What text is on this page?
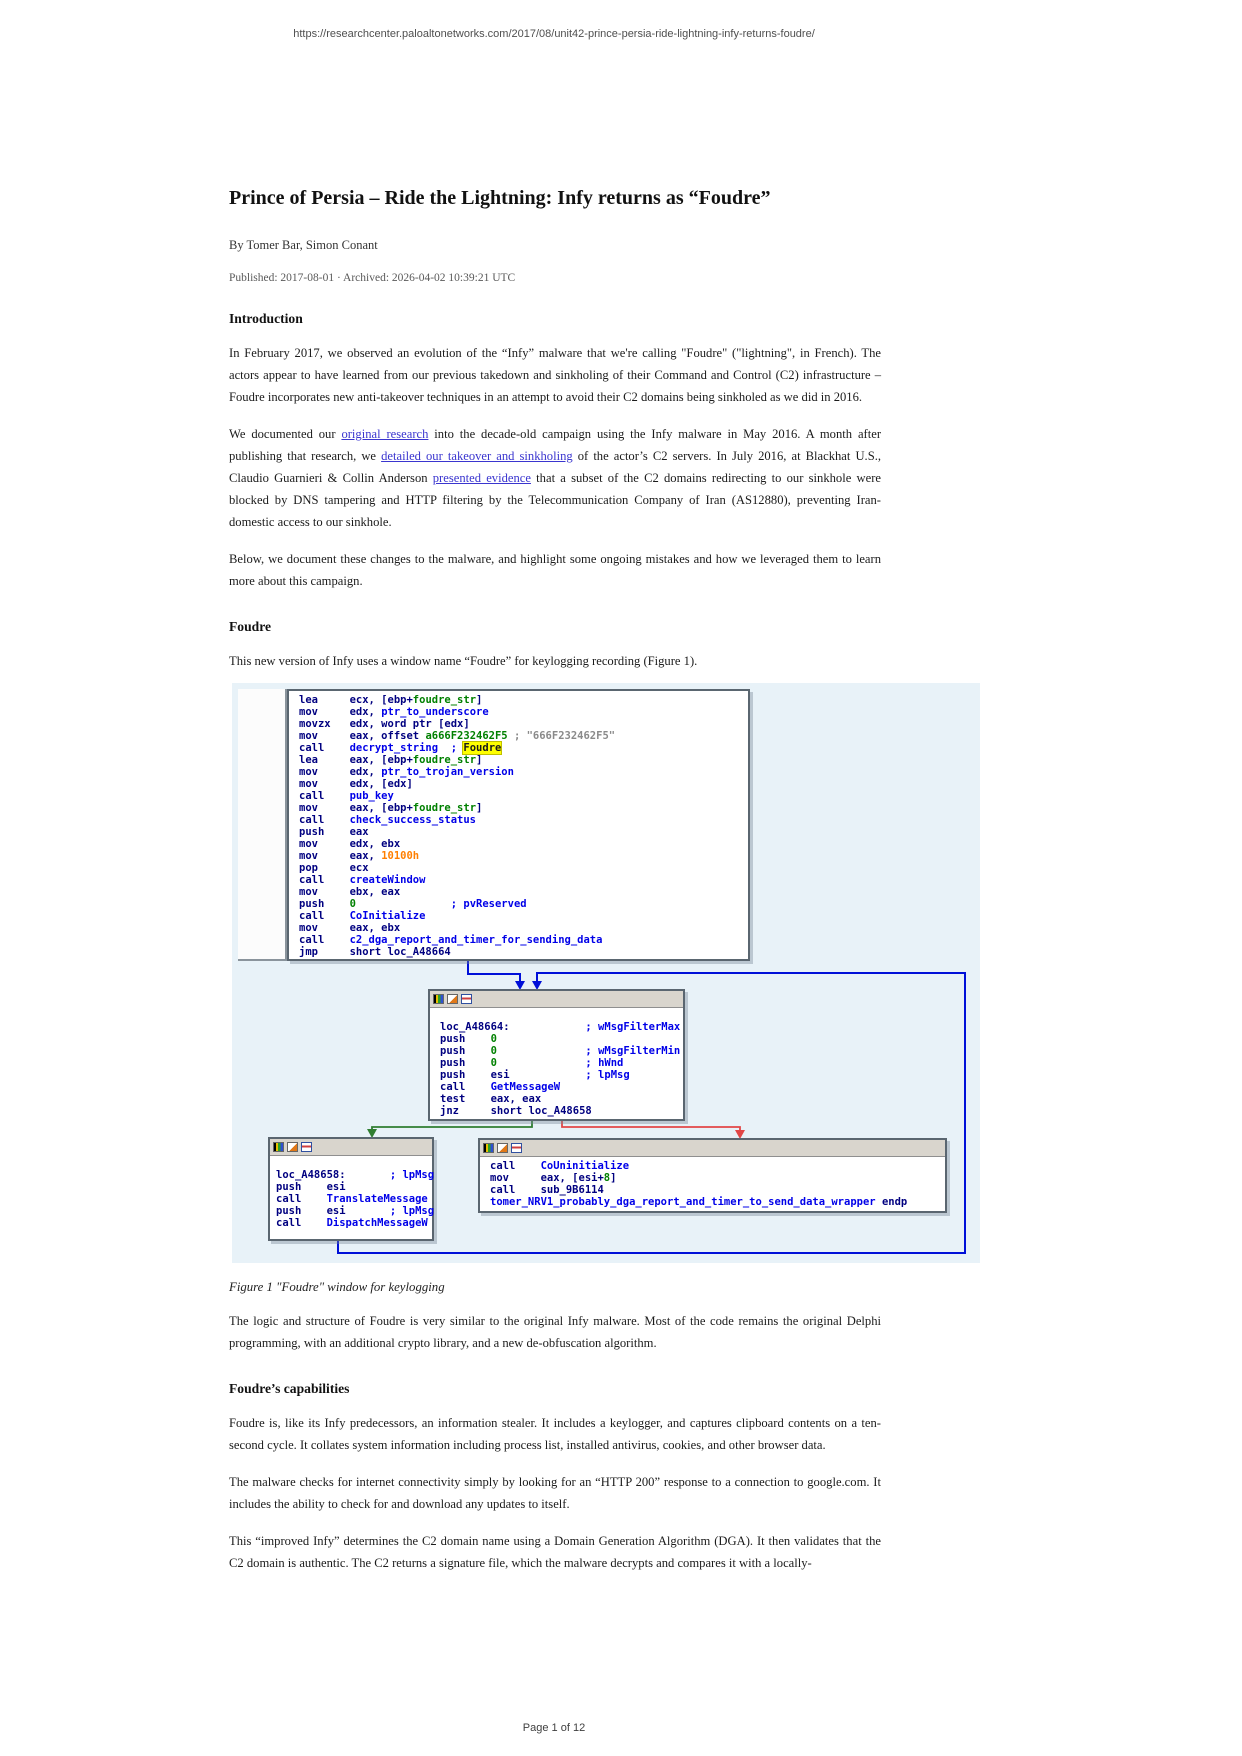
https://researchcenter.paloaltonetworks.com/2017/08/unit42-prince-persia-ride-lightning-infy-returns-foudre/
Prince of Persia – Ride the Lightning: Infy returns as “Foudre”
By Tomer Bar, Simon Conant
Published: 2017-08-01 · Archived: 2026-04-02 10:39:21 UTC
Introduction
In February 2017, we observed an evolution of the “Infy” malware that we're calling "Foudre" ("lightning", in French). The actors appear to have learned from our previous takedown and sinkholing of their Command and Control (C2) infrastructure – Foudre incorporates new anti-takeover techniques in an attempt to avoid their C2 domains being sinkholed as we did in 2016.
We documented our original research into the decade-old campaign using the Infy malware in May 2016. A month after publishing that research, we detailed our takeover and sinkholing of the actor’s C2 servers. In July 2016, at Blackhat U.S., Claudio Guarnieri & Collin Anderson presented evidence that a subset of the C2 domains redirecting to our sinkhole were blocked by DNS tampering and HTTP filtering by the Telecommunication Company of Iran (AS12880), preventing Iran-domestic access to our sinkhole.
Below, we document these changes to the malware, and highlight some ongoing mistakes and how we leveraged them to learn more about this campaign.
Foudre
This new version of Infy uses a window name “Foudre” for keylogging recording (Figure 1).
lea     ecx, [ebp+foudre_str]
mov     edx, ptr_to_underscore
movzx   edx, word ptr [edx]
mov     eax, offset a666F232462F5 ; "666F232462F5"
call    decrypt_string ; Foudre
lea     eax, [ebp+foudre_str]
mov     edx, ptr_to_trojan_version
mov     edx, [edx]
call    pub_key
mov     eax, [ebp+foudre_str]
call    check_success_status
push    eax
mov     edx, ebx
mov     eax, 10100h
pop     ecx
call    createWindow
mov     ebx, eax
push    0	; pvReserved
call    CoInitialize
mov     eax, ebx
call    c2_dga_report_and_timer_for_sending_data
jmp     short loc_A48664
loc_A48664:	; wMsgFilterMax
push    0
push    0	; wMsgFilterMin
push    0	; hWnd
push    esi	; lpMsg
call    GetMessageW
test    eax, eax
jnz     short loc_A48658
loc_A48658:	; lpMsg
push    esi
call    TranslateMessage
push    esi	; lpMsg
call    DispatchMessageW
call    CoUninitialize
mov     eax, [esi+8]
call    sub_9B6114
tomer_NRV1_probably_dga_report_and_timer_to_send_data_wrapper endp
Figure 1 "Foudre" window for keylogging
The logic and structure of Foudre is very similar to the original Infy malware. Most of the code remains the original Delphi programming, with an additional crypto library, and a new de-obfuscation algorithm.
Foudre’s capabilities
Foudre is, like its Infy predecessors, an information stealer. It includes a keylogger, and captures clipboard contents on a ten-second cycle. It collates system information including process list, installed antivirus, cookies, and other browser data.
The malware checks for internet connectivity simply by looking for an “HTTP 200” response to a connection to google.com. It includes the ability to check for and download any updates to itself.
This “improved Infy” determines the C2 domain name using a Domain Generation Algorithm (DGA). It then validates that the C2 domain is authentic. The C2 returns a signature file, which the malware decrypts and compares it with a locally-
Page 1 of 12
